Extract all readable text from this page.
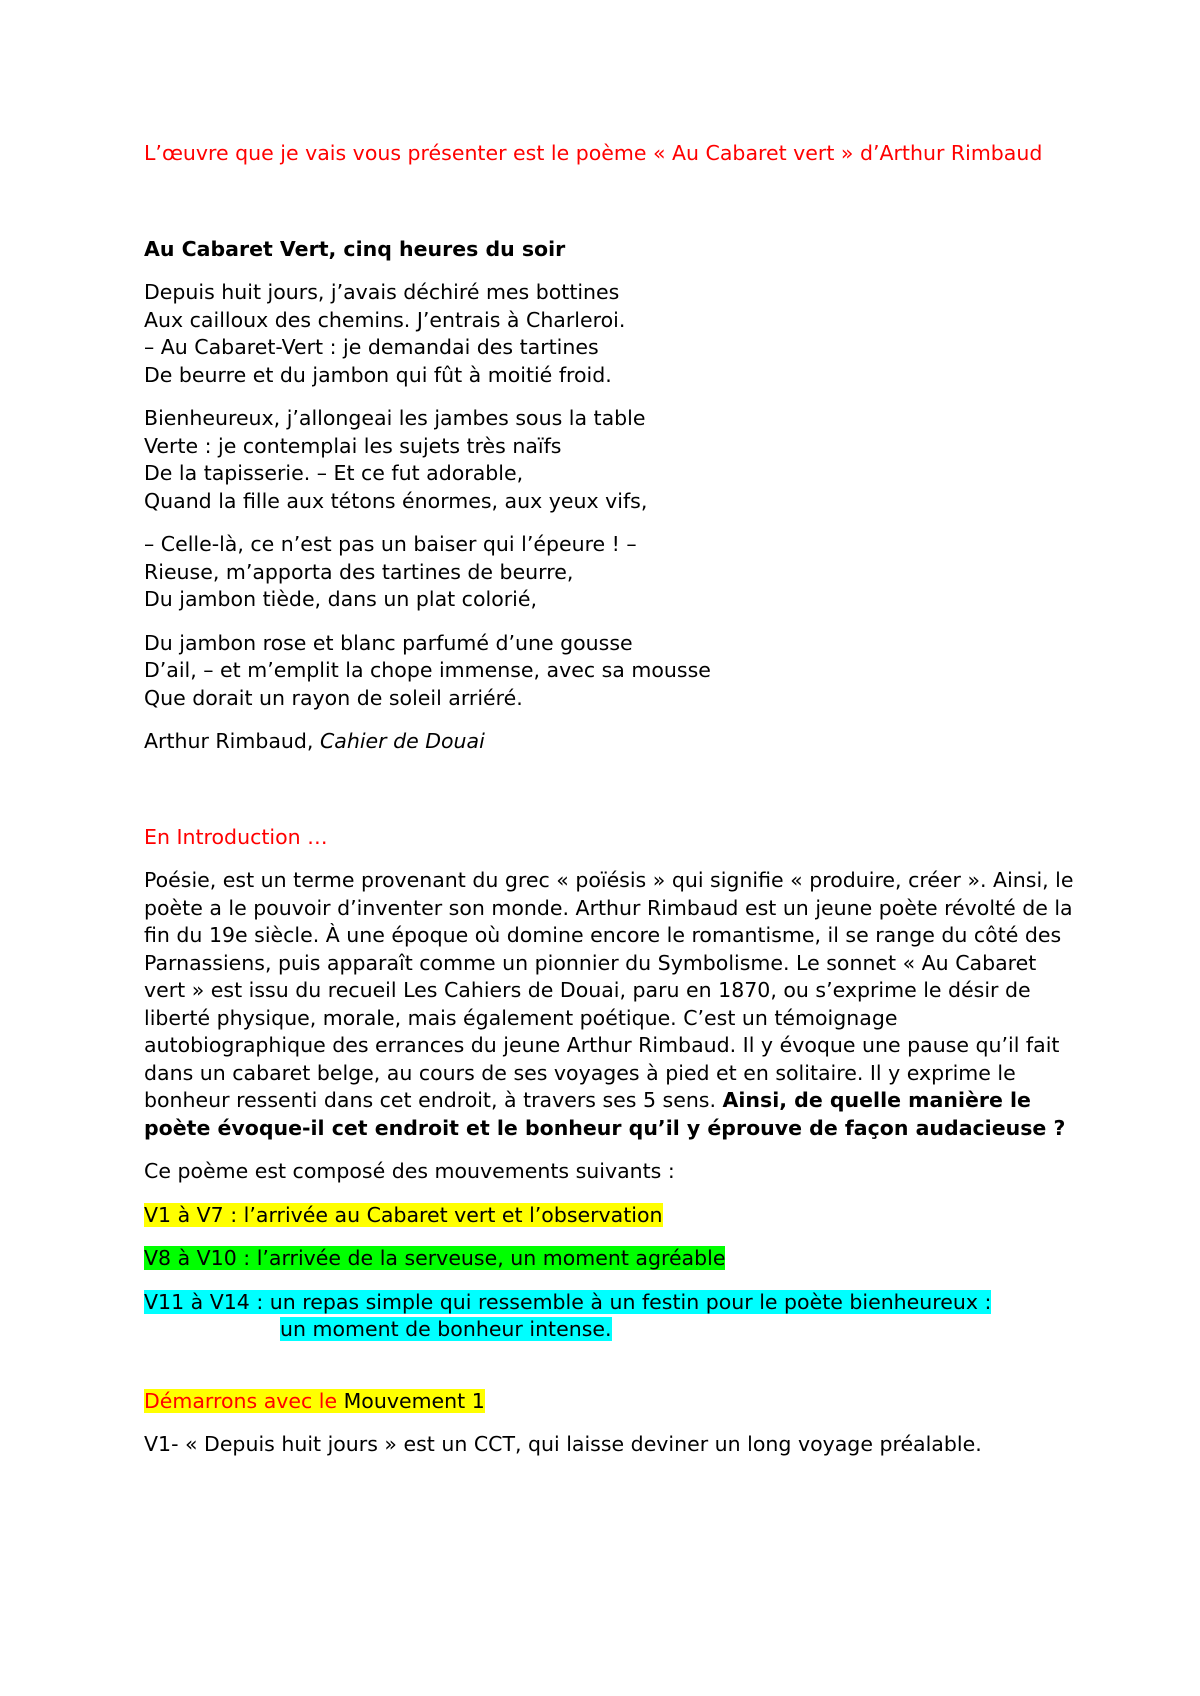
L’œuvre que je vais vous présenter est le poème « Au Cabaret vert » d’Arthur Rimbaud

Au Cabaret Vert, cinq heures du soir

Depuis huit jours, j’avais déchiré mes bottines
Aux cailloux des chemins. J’entrais à Charleroi.
– Au Cabaret-Vert : je demandai des tartines
De beurre et du jambon qui fût à moitié froid.
Bienheureux, j’allongeai les jambes sous la table
Verte : je contemplai les sujets très naïfs
De la tapisserie. – Et ce fut adorable,
Quand la fille aux tétons énormes, aux yeux vifs,
– Celle-là, ce n’est pas un baiser qui l’épeure ! –
Rieuse, m’apporta des tartines de beurre,
Du jambon tiède, dans un plat colorié,
Du jambon rose et blanc parfumé d’une gousse
D’ail, – et m’emplit la chope immense, avec sa mousse
Que dorait un rayon de soleil arriéré.

Arthur Rimbaud, Cahier de Douai

En Introduction …

Poésie, est un terme provenant du grec « poïésis » qui signifie « produire, créer ». Ainsi, le poète a le pouvoir d’inventer son monde. Arthur Rimbaud est un jeune poète révolté de la fin du 19e siècle. À une époque où domine encore le romantisme, il se range du côté des Parnassiens, puis apparaît comme un pionnier du Symbolisme. Le sonnet « Au Cabaret vert » est issu du recueil Les Cahiers de Douai, paru en 1870, ou s’exprime le désir de liberté physique, morale, mais également poétique. C’est un témoignage autobiographique des errances du jeune Arthur Rimbaud. Il y évoque une pause qu’il fait dans un cabaret belge, au cours de ses voyages à pied et en solitaire. Il y exprime le bonheur ressenti dans cet endroit, à travers ses 5 sens. Ainsi, de quelle manière le poète évoque-il cet endroit et le bonheur qu’il y éprouve de façon audacieuse ?

Ce poème est composé des mouvements suivants :

V1 à V7 : l’arrivée au Cabaret vert et l’observation

V8 à V10 : l’arrivée de la serveuse, un moment agréable

V11 à V14 : un repas simple qui ressemble à un festin pour le poète bienheureux :
un moment de bonheur intense.

Démarrons avec le Mouvement 1

V1- « Depuis huit jours » est un CCT, qui laisse deviner un long voyage préalable.
